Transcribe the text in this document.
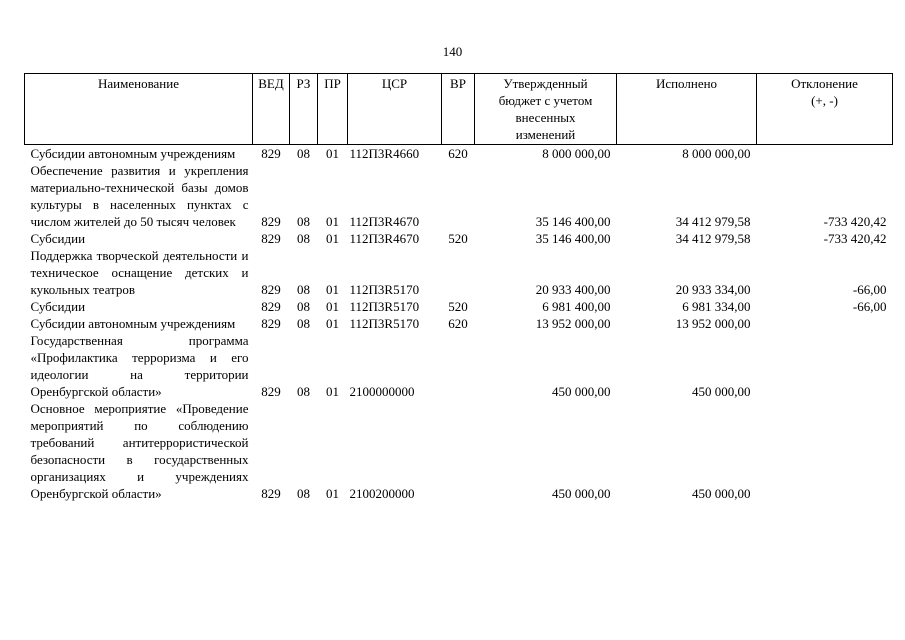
140
Наименование	ВЕД	РЗ	ПР	ЦСР	ВР	Утвержденный бюджет с учетом внесенных изменений	Исполнено	Отклонение (+, -)
Субсидии автономным учреждениям	829	08	01	112П3R4660	620	8 000 000,00	8 000 000,00	
Обеспечение развития и укрепления материально-технической базы домов культуры в населенных пунктах с числом жителей до 50 тысяч человек	829	08	01	112П3R4670		35 146 400,00	34 412 979,58	-733 420,42
Субсидии	829	08	01	112П3R4670	520	35 146 400,00	34 412 979,58	-733 420,42
Поддержка творческой деятельности и техническое оснащение детских и кукольных театров	829	08	01	112П3R5170		20 933 400,00	20 933 334,00	-66,00
Субсидии	829	08	01	112П3R5170	520	6 981 400,00	6 981 334,00	-66,00
Субсидии автономным учреждениям	829	08	01	112П3R5170	620	13 952 000,00	13 952 000,00	
Государственная программа «Профилактика терроризма и его идеологии на территории Оренбургской области»	829	08	01	2100000000		450 000,00	450 000,00	
Основное мероприятие «Проведение мероприятий по соблюдению требований антитеррористической безопасности в государственных организациях и учреждениях Оренбургской области»	829	08	01	2100200000		450 000,00	450 000,00	
